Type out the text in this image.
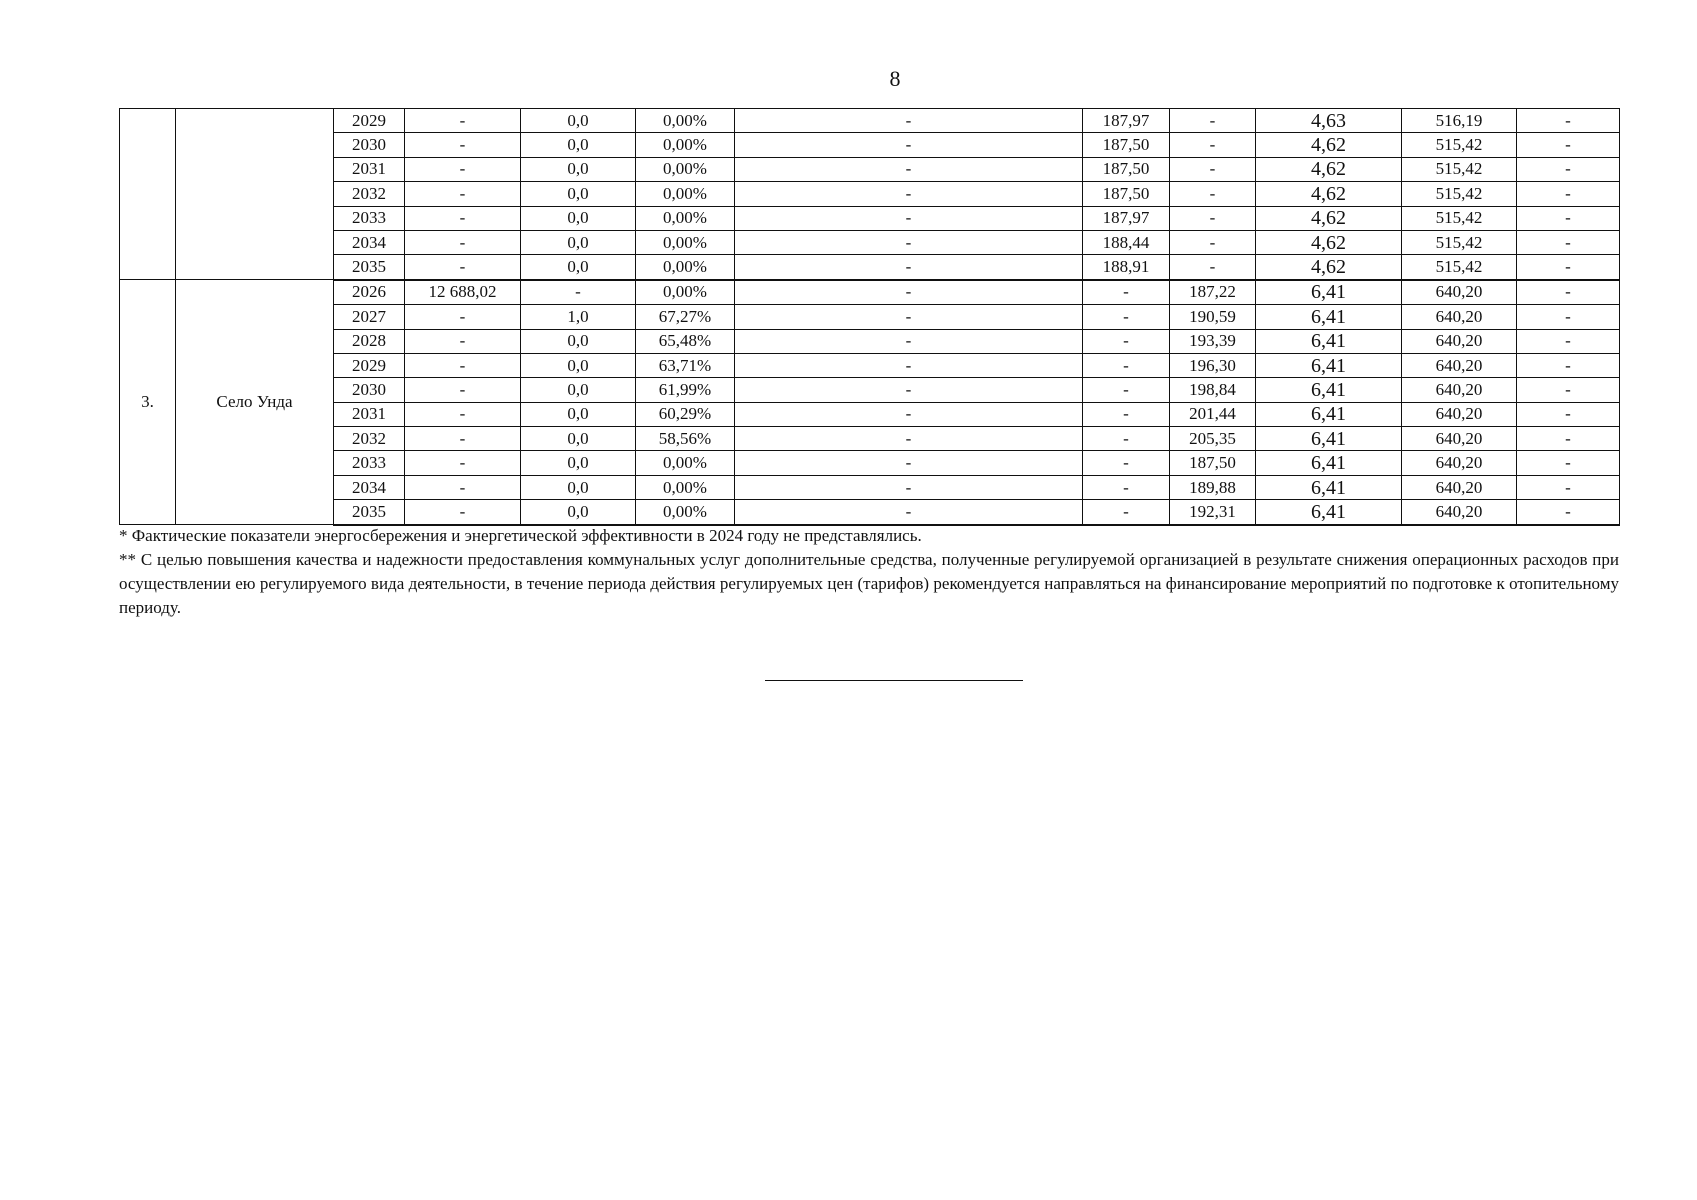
8
		2029	-	0,0	0,00%	-	187,97	-	4,63	516,19	-
		2030	-	0,0	0,00%	-	187,50	-	4,62	515,42	-
		2031	-	0,0	0,00%	-	187,50	-	4,62	515,42	-
		2032	-	0,0	0,00%	-	187,50	-	4,62	515,42	-
		2033	-	0,0	0,00%	-	187,97	-	4,62	515,42	-
		2034	-	0,0	0,00%	-	188,44	-	4,62	515,42	-
		2035	-	0,0	0,00%	-	188,91	-	4,62	515,42	-
3.	Село Унда	2026	12 688,02	-	0,00%	-	-	187,22	6,41	640,20	-
		2027	-	1,0	67,27%	-	-	190,59	6,41	640,20	-
		2028	-	0,0	65,48%	-	-	193,39	6,41	640,20	-
		2029	-	0,0	63,71%	-	-	196,30	6,41	640,20	-
		2030	-	0,0	61,99%	-	-	198,84	6,41	640,20	-
		2031	-	0,0	60,29%	-	-	201,44	6,41	640,20	-
		2032	-	0,0	58,56%	-	-	205,35	6,41	640,20	-
		2033	-	0,0	0,00%	-	-	187,50	6,41	640,20	-
		2034	-	0,0	0,00%	-	-	189,88	6,41	640,20	-
		2035	-	0,0	0,00%	-	-	192,31	6,41	640,20	-

* Фактические показатели энергосбережения и энергетической эффективности в 2024 году не представлялись.

** С целью повышения качества и надежности предоставления коммунальных услуг дополнительные средства, полученные регулируемой организацией в результате снижения операционных расходов при осуществлении ею регулируемого вида деятельности, в течение периода действия регулируемых цен (тарифов) рекомендуется направляться на финансирование мероприятий по подготовке к отопительному периоду.
